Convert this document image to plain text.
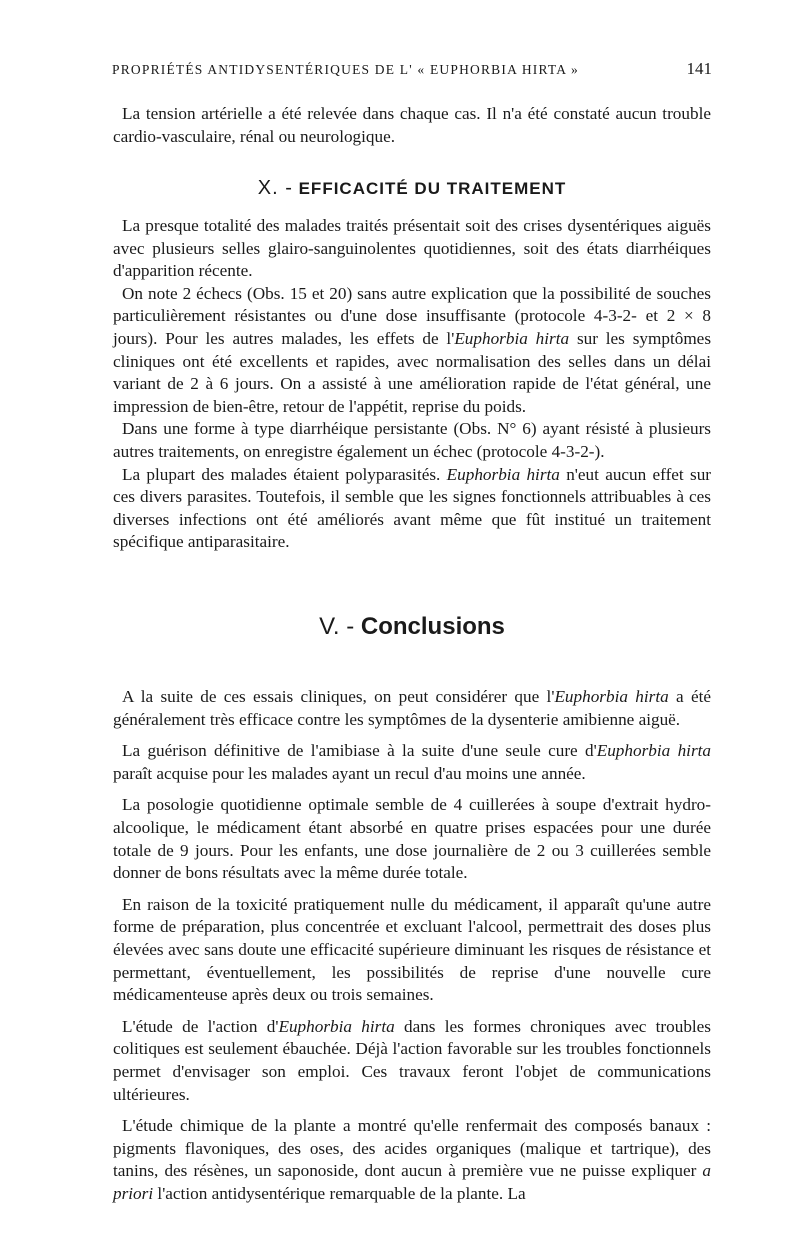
PROPRIÉTÉS ANTIDYSENTÉRIQUES DE L' « EUPHORBIA HIRTA »	141

La tension artérielle a été relevée dans chaque cas. Il n'a été constaté aucun trouble cardio-vasculaire, rénal ou neurologique.

X. - EFFICACITÉ DU TRAITEMENT

La presque totalité des malades traités présentait soit des crises dysentériques aiguës avec plusieurs selles glairo-sanguinolentes quotidiennes, soit des états diarrhéiques d'apparition récente.

On note 2 échecs (Obs. 15 et 20) sans autre explication que la possibilité de souches particulièrement résistantes ou d'une dose insuffisante (protocole 4-3-2- et 2 × 8 jours). Pour les autres malades, les effets de l'Euphorbia hirta sur les symptômes cliniques ont été excellents et rapides, avec normalisation des selles dans un délai variant de 2 à 6 jours. On a assisté à une amélioration rapide de l'état général, une impression de bien-être, retour de l'appétit, reprise du poids.

Dans une forme à type diarrhéique persistante (Obs. N° 6) ayant résisté à plusieurs autres traitements, on enregistre également un échec (protocole 4-3-2-).

La plupart des malades étaient polyparasités. Euphorbia hirta n'eut aucun effet sur ces divers parasites. Toutefois, il semble que les signes fonctionnels attribuables à ces diverses infections ont été améliorés avant même que fût institué un traitement spécifique antiparasitaire.

V. - Conclusions

A la suite de ces essais cliniques, on peut considérer que l'Euphorbia hirta a été généralement très efficace contre les symptômes de la dysenterie amibienne aiguë.

La guérison définitive de l'amibiase à la suite d'une seule cure d'Euphorbia hirta paraît acquise pour les malades ayant un recul d'au moins une année.

La posologie quotidienne optimale semble de 4 cuillerées à soupe d'extrait hydro-alcoolique, le médicament étant absorbé en quatre prises espacées pour une durée totale de 9 jours. Pour les enfants, une dose journalière de 2 ou 3 cuillerées semble donner de bons résultats avec la même durée totale.

En raison de la toxicité pratiquement nulle du médicament, il apparaît qu'une autre forme de préparation, plus concentrée et excluant l'alcool, permettrait des doses plus élevées avec sans doute une efficacité supérieure diminuant les risques de résistance et permettant, éventuellement, les possibilités de reprise d'une nouvelle cure médicamenteuse après deux ou trois semaines.

L'étude de l'action d'Euphorbia hirta dans les formes chroniques avec troubles colitiques est seulement ébauchée. Déjà l'action favorable sur les troubles fonctionnels permet d'envisager son emploi. Ces travaux feront l'objet de communications ultérieures.

L'étude chimique de la plante a montré qu'elle renfermait des composés banaux : pigments flavoniques, des oses, des acides organiques (malique et tartrique), des tanins, des résènes, un saponoside, dont aucun à première vue ne puisse expliquer a priori l'action antidysentérique remarquable de la plante. La
